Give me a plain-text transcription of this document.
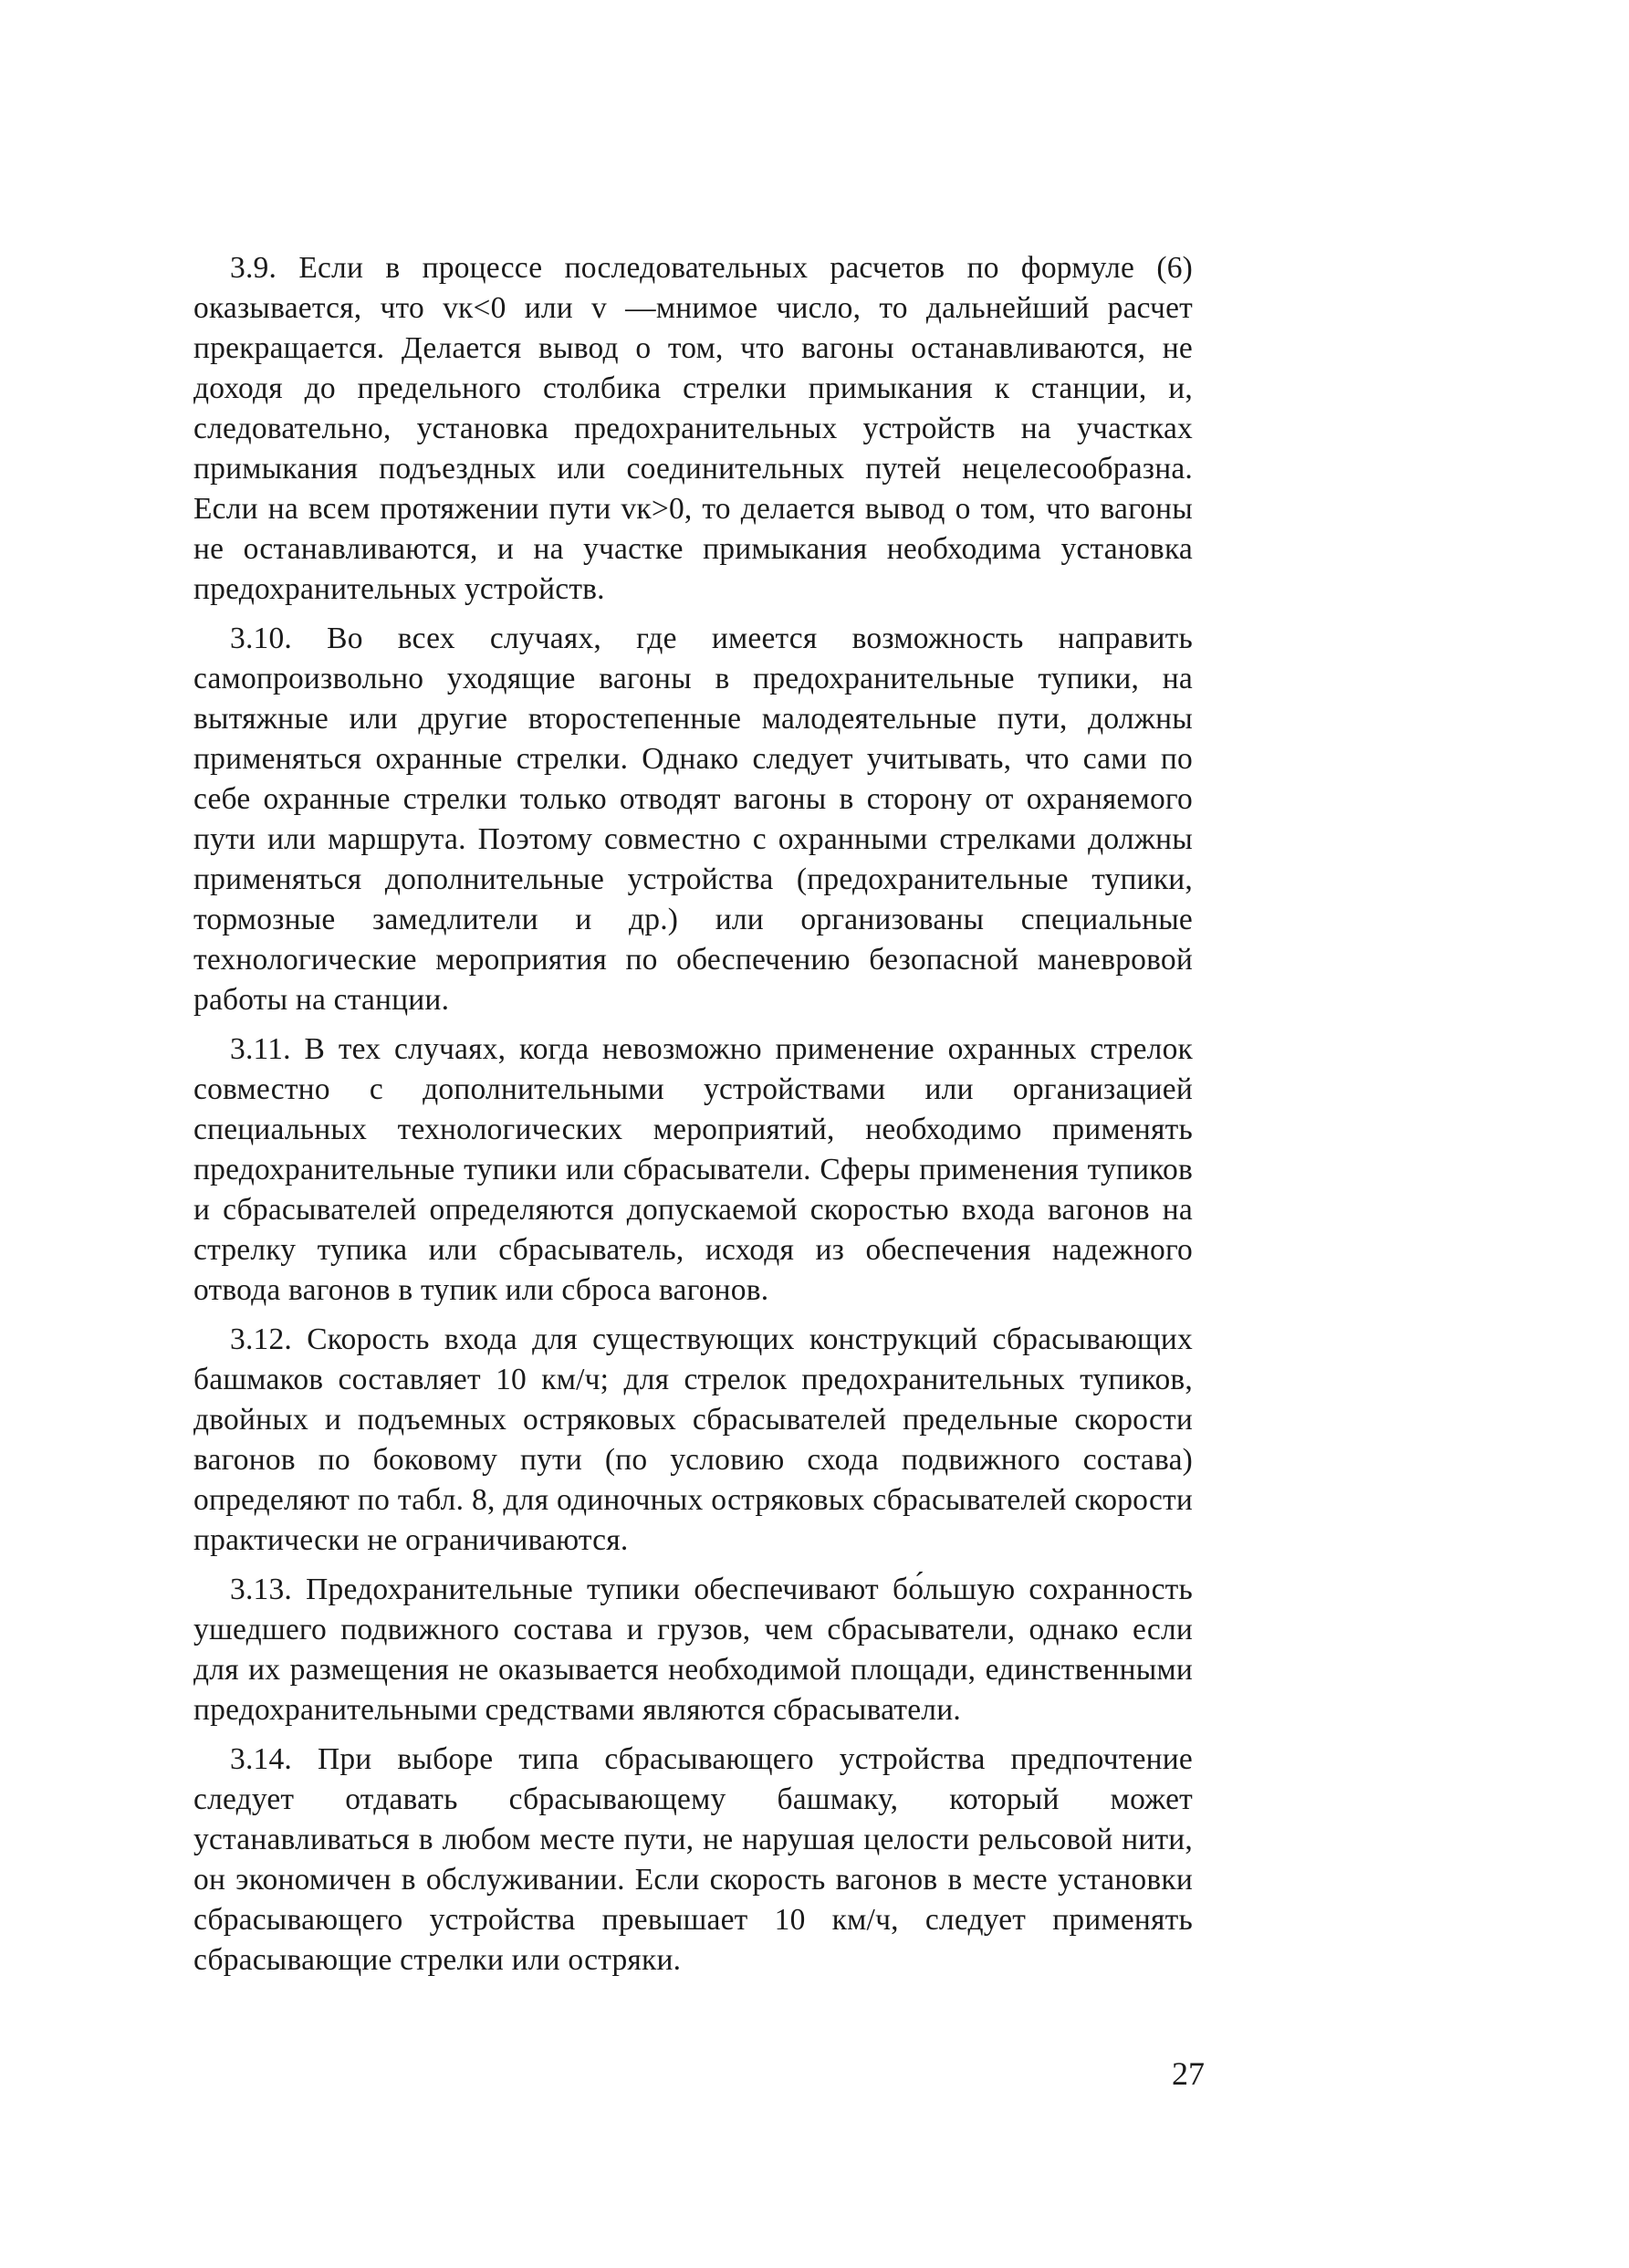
3.9. Если в процессе последовательных расчетов по формуле (6) оказывается, что vк<0 или v —мнимое число, то дальнейший расчет прекращается. Делается вывод о том, что вагоны останавливаются, не доходя до предельного столбика стрелки примыкания к станции, и, следовательно, установка предохранительных устройств на участках примыкания подъездных или соединительных путей нецелесообразна. Если на всем протяжении пути vк>0, то делается вывод о том, что вагоны не останавливаются, и на участке примыкания необходима установка предохранительных устройств.

3.10. Во всех случаях, где имеется возможность направить самопроизвольно уходящие вагоны в предохранительные тупики, на вытяжные или другие второстепенные малодеятельные пути, должны применяться охранные стрелки. Однако следует учитывать, что сами по себе охранные стрелки только отводят вагоны в сторону от охраняемого пути или маршрута. Поэтому совместно с охранными стрелками должны применяться дополнительные устройства (предохранительные тупики, тормозные замедлители и др.) или организованы специальные технологические мероприятия по обеспечению безопасной маневровой работы на станции.

3.11. В тех случаях, когда невозможно применение охранных стрелок совместно с дополнительными устройствами или организацией специальных технологических мероприятий, необходимо применять предохранительные тупики или сбрасыватели. Сферы применения тупиков и сбрасывателей определяются допускаемой скоростью входа вагонов на стрелку тупика или сбрасыватель, исходя из обеспечения надежного отвода вагонов в тупик или сброса вагонов.

3.12. Скорость входа для существующих конструкций сбрасывающих башмаков составляет 10 км/ч; для стрелок предохранительных тупиков, двойных и подъемных остряковых сбрасывателей предельные скорости вагонов по боковому пути (по условию схода подвижного состава) определяют по табл. 8, для одиночных остряковых сбрасывателей скорости практически не ограничиваются.

3.13. Предохранительные тупики обеспечивают бо́льшую сохранность ушедшего подвижного состава и грузов, чем сбрасыватели, однако если для их размещения не оказывается необходимой площади, единственными предохранительными средствами являются сбрасыватели.

3.14. При выборе типа сбрасывающего устройства предпочтение следует отдавать сбрасывающему башмаку, который может устанавливаться в любом месте пути, не нарушая целости рельсовой нити, он экономичен в обслуживании. Если скорость вагонов в месте установки сбрасывающего устройства превышает 10 км/ч, следует применять сбрасывающие стрелки или остряки.

27
